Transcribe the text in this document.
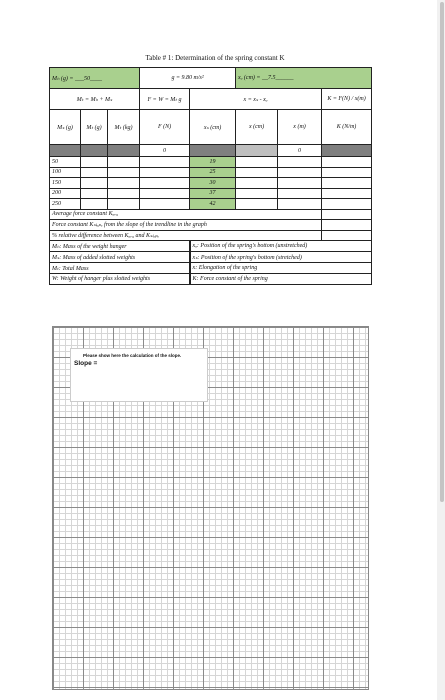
Table # 1: Determination of the spring constant K
Mₕ (g) = ___50____			g = 9.80 m/s²		xₒ (cm) = __7.5______		
Mₜ = Mₕ + Mₛ			F = W = Mₜ g	x = xₛ - xₒ			K = F(N) / x(m)
Mₛ (g)	Mₜ (g)	Mₜ (kg)	F (N)	xₛ (cm)	x (cm)	x (m)	K (N/m)
			0			0	
50				19			
100				25			
150				30			
200				37			
250				42			
Average force constant Kₐᵥ₉							
Force constant Kₛₗₒₚₑ from the slope of the trendline in the graph							
% relative difference between Kₐᵥ₉ and Kₛₗₒₚₑ							
Mₕ: Mass of the weight hanger				xₒ: Position of the spring's bottom (unstretched)			
Mₛ: Mass of added slotted weights				xₛ: Position of the spring's bottom (stretched)			
Mₜ: Total Mass				x: Elongation of the spring			
W: Weight of hanger plus slotted weights				K: Force constant of the spring			
Please show here the calculation of the slope.
Slope =
